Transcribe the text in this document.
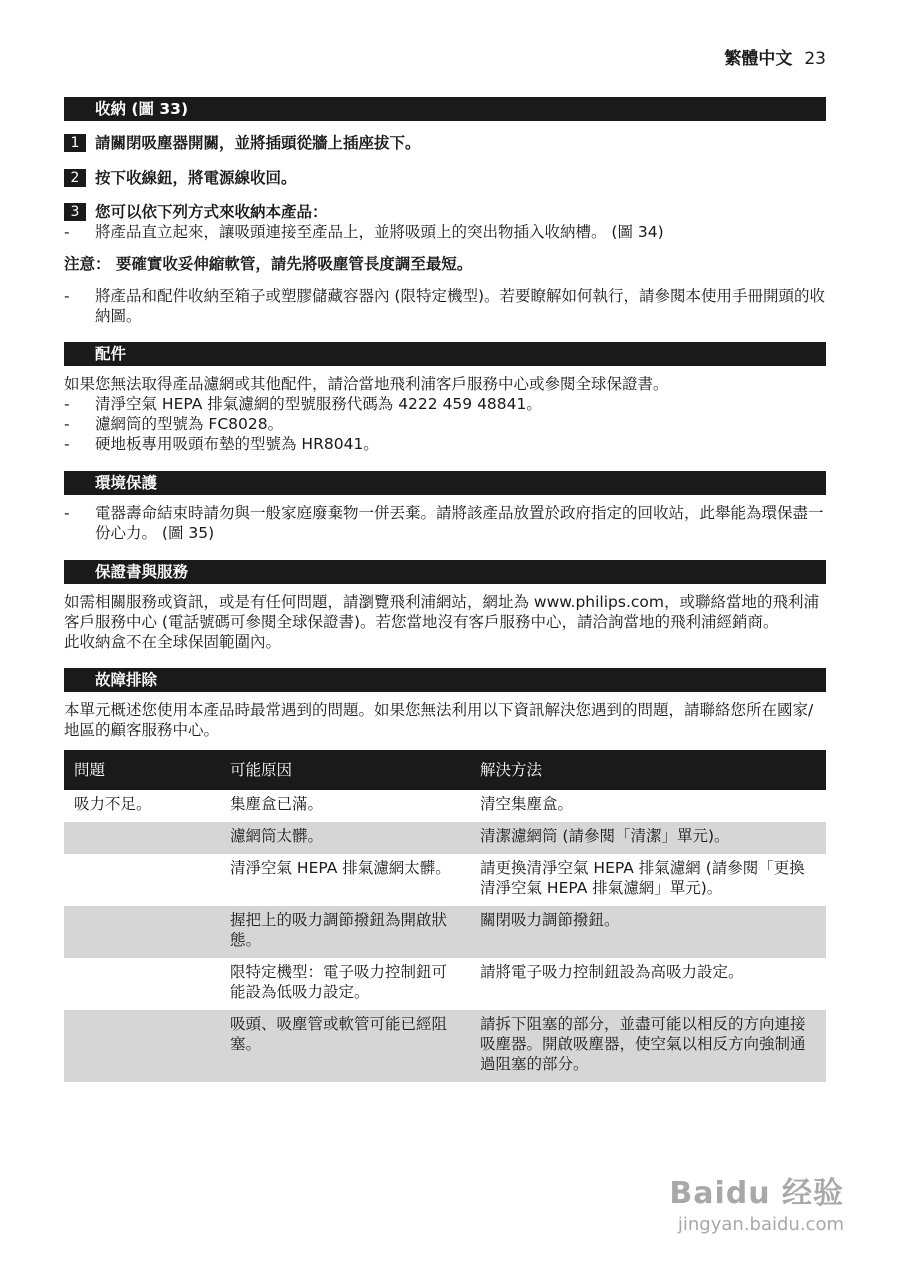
繁體中文 23
收納 (圖 33)
1	請關閉吸塵器開關，並將插頭從牆上插座拔下。
2	按下收線鈕，將電源線收回。
3	您可以依下列方式來收納本產品：
- 將產品直立起來，讓吸頭連接至產品上，並將吸頭上的突出物插入收納槽。 (圖 34)
注意： 要確實收妥伸縮軟管，請先將吸塵管長度調至最短。
- 將產品和配件收納至箱子或塑膠儲藏容器內 (限特定機型)。若要瞭解如何執行，請參閱本使用手冊開頭的收納圖。
配件
如果您無法取得產品濾網或其他配件，請洽當地飛利浦客戶服務中心或參閱全球保證書。
- 清淨空氣 HEPA 排氣濾網的型號服務代碼為 4222 459 48841。
- 濾網筒的型號為 FC8028。
- 硬地板專用吸頭布墊的型號為 HR8041。
環境保護
- 電器壽命結束時請勿與一般家庭廢棄物一併丟棄。請將該產品放置於政府指定的回收站，此舉能為環保盡一份心力。 (圖 35)
保證書與服務
如需相關服務或資訊，或是有任何問題，請瀏覽飛利浦網站，網址為 www.philips.com，或聯絡當地的飛利浦客戶服務中心 (電話號碼可參閱全球保證書)。若您當地沒有客戶服務中心，請洽詢當地的飛利浦經銷商。
此收納盒不在全球保固範圍內。
故障排除
本單元概述您使用本產品時最常遇到的問題。如果您無法利用以下資訊解決您遇到的問題，請聯絡您所在國家/地區的顧客服務中心。
問題	可能原因	解決方法
吸力不足。	集塵盒已滿。	清空集塵盒。
	濾網筒太髒。	清潔濾網筒 (請參閱「清潔」單元)。
	清淨空氣 HEPA 排氣濾網太髒。	請更換清淨空氣 HEPA 排氣濾網 (請參閱「更換清淨空氣 HEPA 排氣濾網」單元)。
	握把上的吸力調節撥鈕為開啟狀態。	關閉吸力調節撥鈕。
	限特定機型：電子吸力控制鈕可能設為低吸力設定。	請將電子吸力控制鈕設為高吸力設定。
	吸頭、吸塵管或軟管可能已經阻塞。	請拆下阻塞的部分，並盡可能以相反的方向連接吸塵器。開啟吸塵器，使空氣以相反方向強制通過阻塞的部分。
Baidu 经验
jingyan.baidu.com
